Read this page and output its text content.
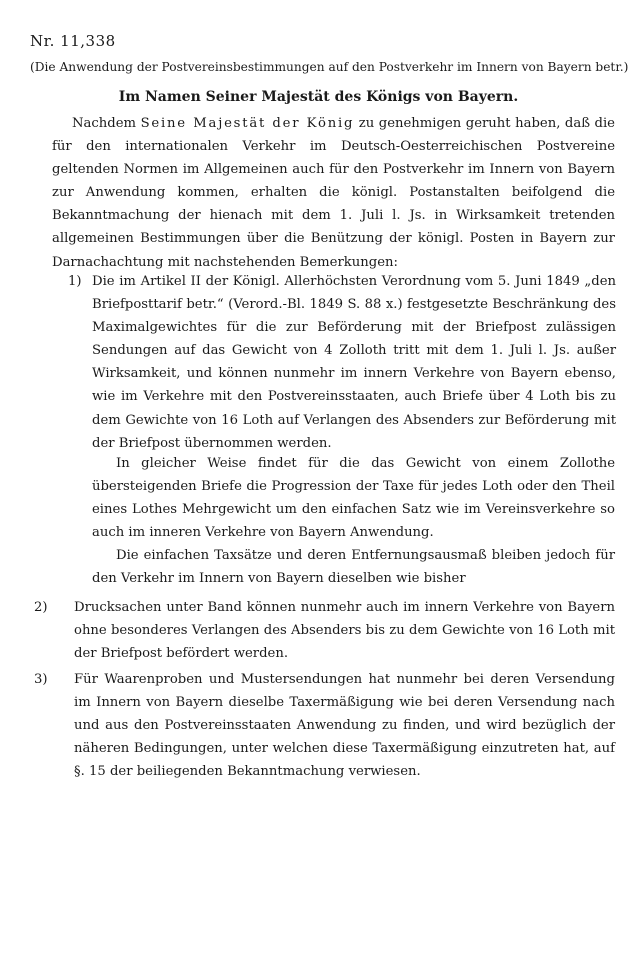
Nr. 11,338
(Die Anwendung der Postvereinsbestimmungen auf den Postverkehr im Innern von Bayern betr.)
Im Namen Seiner Majestät des Königs von Bayern.
Nachdem Seine Majestät der König zu genehmigen geruht haben, daß die für den internationalen Verkehr im Deutsch-Oesterreichischen Postvereine geltenden Normen im Allgemeinen auch für den Postverkehr im Innern von Bayern zur Anwendung kommen, erhalten die königl. Postanstalten beifolgend die Bekanntmachung der hienach mit dem 1. Juli l. Js. in Wirksamkeit tretenden allgemeinen Bestimmungen über die Benützung der königl. Posten in Bayern zur Darnachachtung mit nachstehenden Bemerkungen:
1) Die im Artikel II der Königl. Allerhöchsten Verordnung vom 5. Juni 1849 „den Briefposttarif betr.“ (Verord.-Bl. 1849 S. 88 x.) festgesetzte Beschränkung des Maximalgewichtes für die zur Beförderung mit der Briefpost zulässigen Sendungen auf das Gewicht von 4 Zolloth tritt mit dem 1. Juli l. Js. außer Wirksamkeit, und können nunmehr im innern Verkehre von Bayern ebenso, wie im Verkehre mit den Postvereinsstaaten, auch Briefe über 4 Loth bis zu dem Gewichte von 16 Loth auf Verlangen des Absenders zur Beförderung mit der Briefpost übernommen werden.
In gleicher Weise findet für die das Gewicht von einem Zollothe übersteigenden Briefe die Progression der Taxe für jedes Loth oder den Theil eines Lothes Mehrgewicht um den einfachen Satz wie im Vereinsverkehre so auch im inneren Verkehre von Bayern Anwendung.
Die einfachen Taxsätze und deren Entfernungsausmaß bleiben jedoch für den Verkehr im Innern von Bayern dieselben wie bisher
2) Drucksachen unter Band können nunmehr auch im innern Verkehre von Bayern ohne besonderes Verlangen des Absenders bis zu dem Gewichte von 16 Loth mit der Briefpost befördert werden.
3) Für Waarenproben und Mustersendungen hat nunmehr bei deren Versendung im Innern von Bayern dieselbe Taxermäßigung wie bei deren Versendung nach und aus den Postvereinsstaaten Anwendung zu finden, und wird bezüglich der näheren Bedingungen, unter welchen diese Taxermäßigung einzutreten hat, auf §. 15 der beiliegenden Bekanntmachung verwiesen.
